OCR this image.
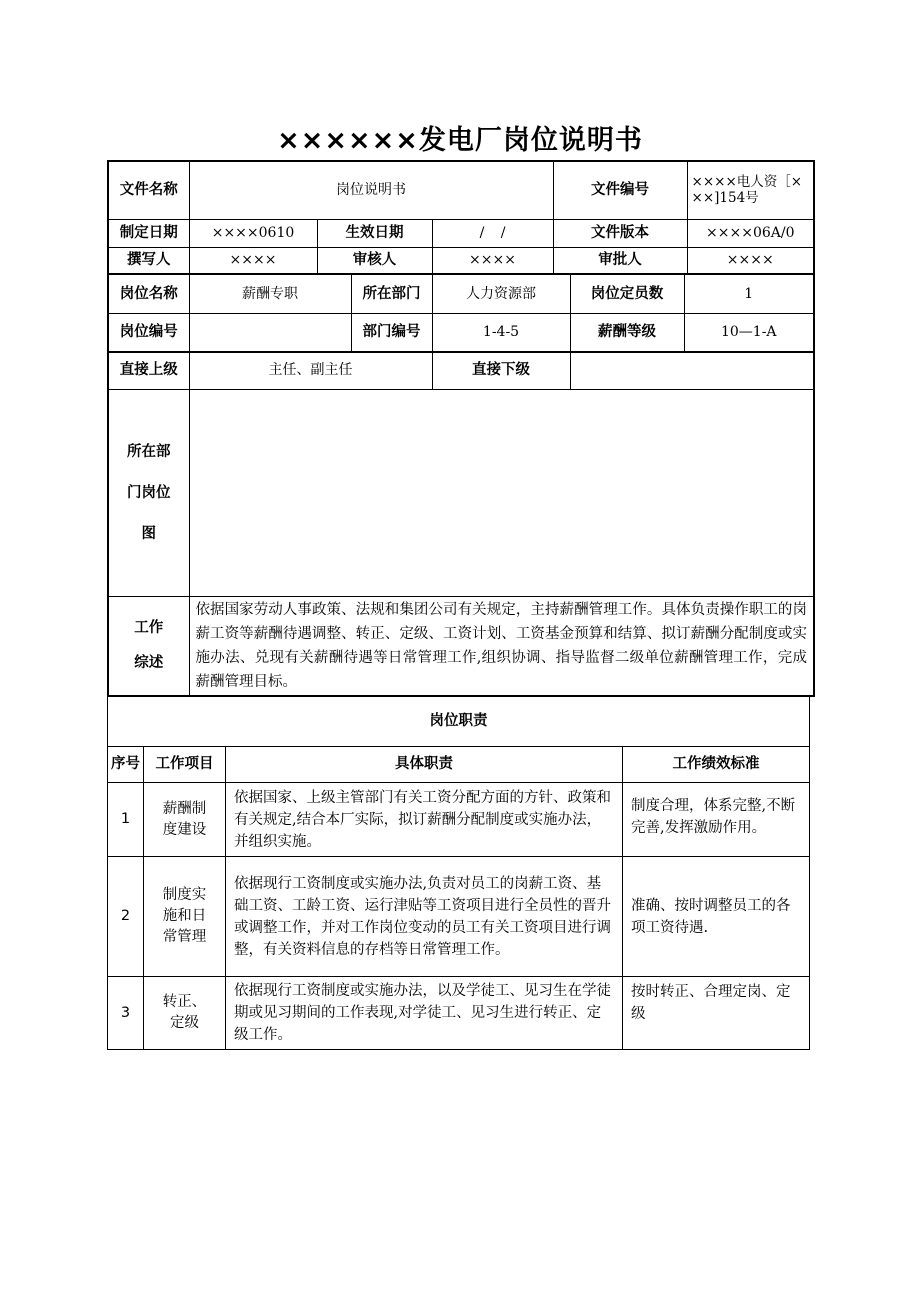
××××××发电厂岗位说明书
文件名称	岗位说明书			文件编号	××××电人资［×××]154号
制定日期	××××0610	生效日期	/ /	文件版本	××××06A/0
撰写人	××××	审核人	××××	审批人	××××
岗位名称	薪酬专职	所在部门	人力资源部	岗位定员数	1
岗位编号		部门编号	1-4-5	薪酬等级	10—1-A
直接上级	主任、副主任	直接下级	
所在部门岗位图			
工作综述	依据国家劳动人事政策、法规和集团公司有关规定，主持薪酬管理工作。具体负责操作职工的岗薪工资等薪酬待遇调整、转正、定级、工资计划、工资基金预算和结算、拟订薪酬分配制度或实施办法、兑现有关薪酬待遇等日常管理工作,组织协调、指导监督二级单位薪酬管理工作，完成薪酬管理目标。		
岗位职责			
序号	工作项目	具体职责	工作绩效标准
1	薪酬制度建设	依据国家、上级主管部门有关工资分配方面的方针、政策和有关规定,结合本厂实际，拟订薪酬分配制度或实施办法，并组织实施。	制度合理，体系完整,不断完善,发挥激励作用。
2	制度实施和日常管理	依据现行工资制度或实施办法,负责对员工的岗薪工资、基础工资、工龄工资、运行津贴等工资项目进行全员性的晋升或调整工作，并对工作岗位变动的员工有关工资项目进行调整，有关资料信息的存档等日常管理工作。	准确、按时调整员工的各项工资待遇.
3	转正、定级	依据现行工资制度或实施办法，以及学徒工、见习生在学徒期或见习期间的工作表现,对学徒工、见习生进行转正、定级工作。	按时转正、合理定岗、定级
